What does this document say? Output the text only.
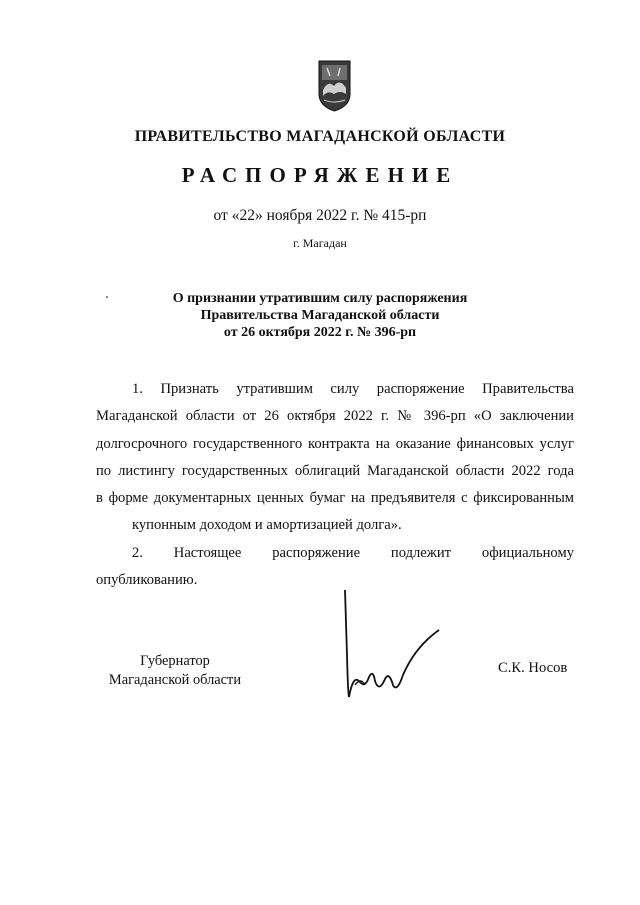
ПРАВИТЕЛЬСТВО МАГАДАНСКОЙ ОБЛАСТИ
РАСПОРЯЖЕНИЕ
от «22» ноября 2022 г. № 415-рп
г. Магадан
О признании утратившим силу распоряжения
Правительства Магаданской области
от 26 октября 2022 г. № 396-рп
1. Признать утратившим силу распоряжение Правительства
Магаданской области от 26 октября 2022 г. № 396-рп «О заключении
долгосрочного государственного контракта на оказание финансовых услуг
по листингу государственных облигаций Магаданской области 2022 года
в форме документарных ценных бумаг на предъявителя с фиксированным
купонным доходом и амортизацией долга».
2. Настоящее распоряжение подлежит официальному
опубликованию.
Губернатор
Магаданской области
С.К. Носов
